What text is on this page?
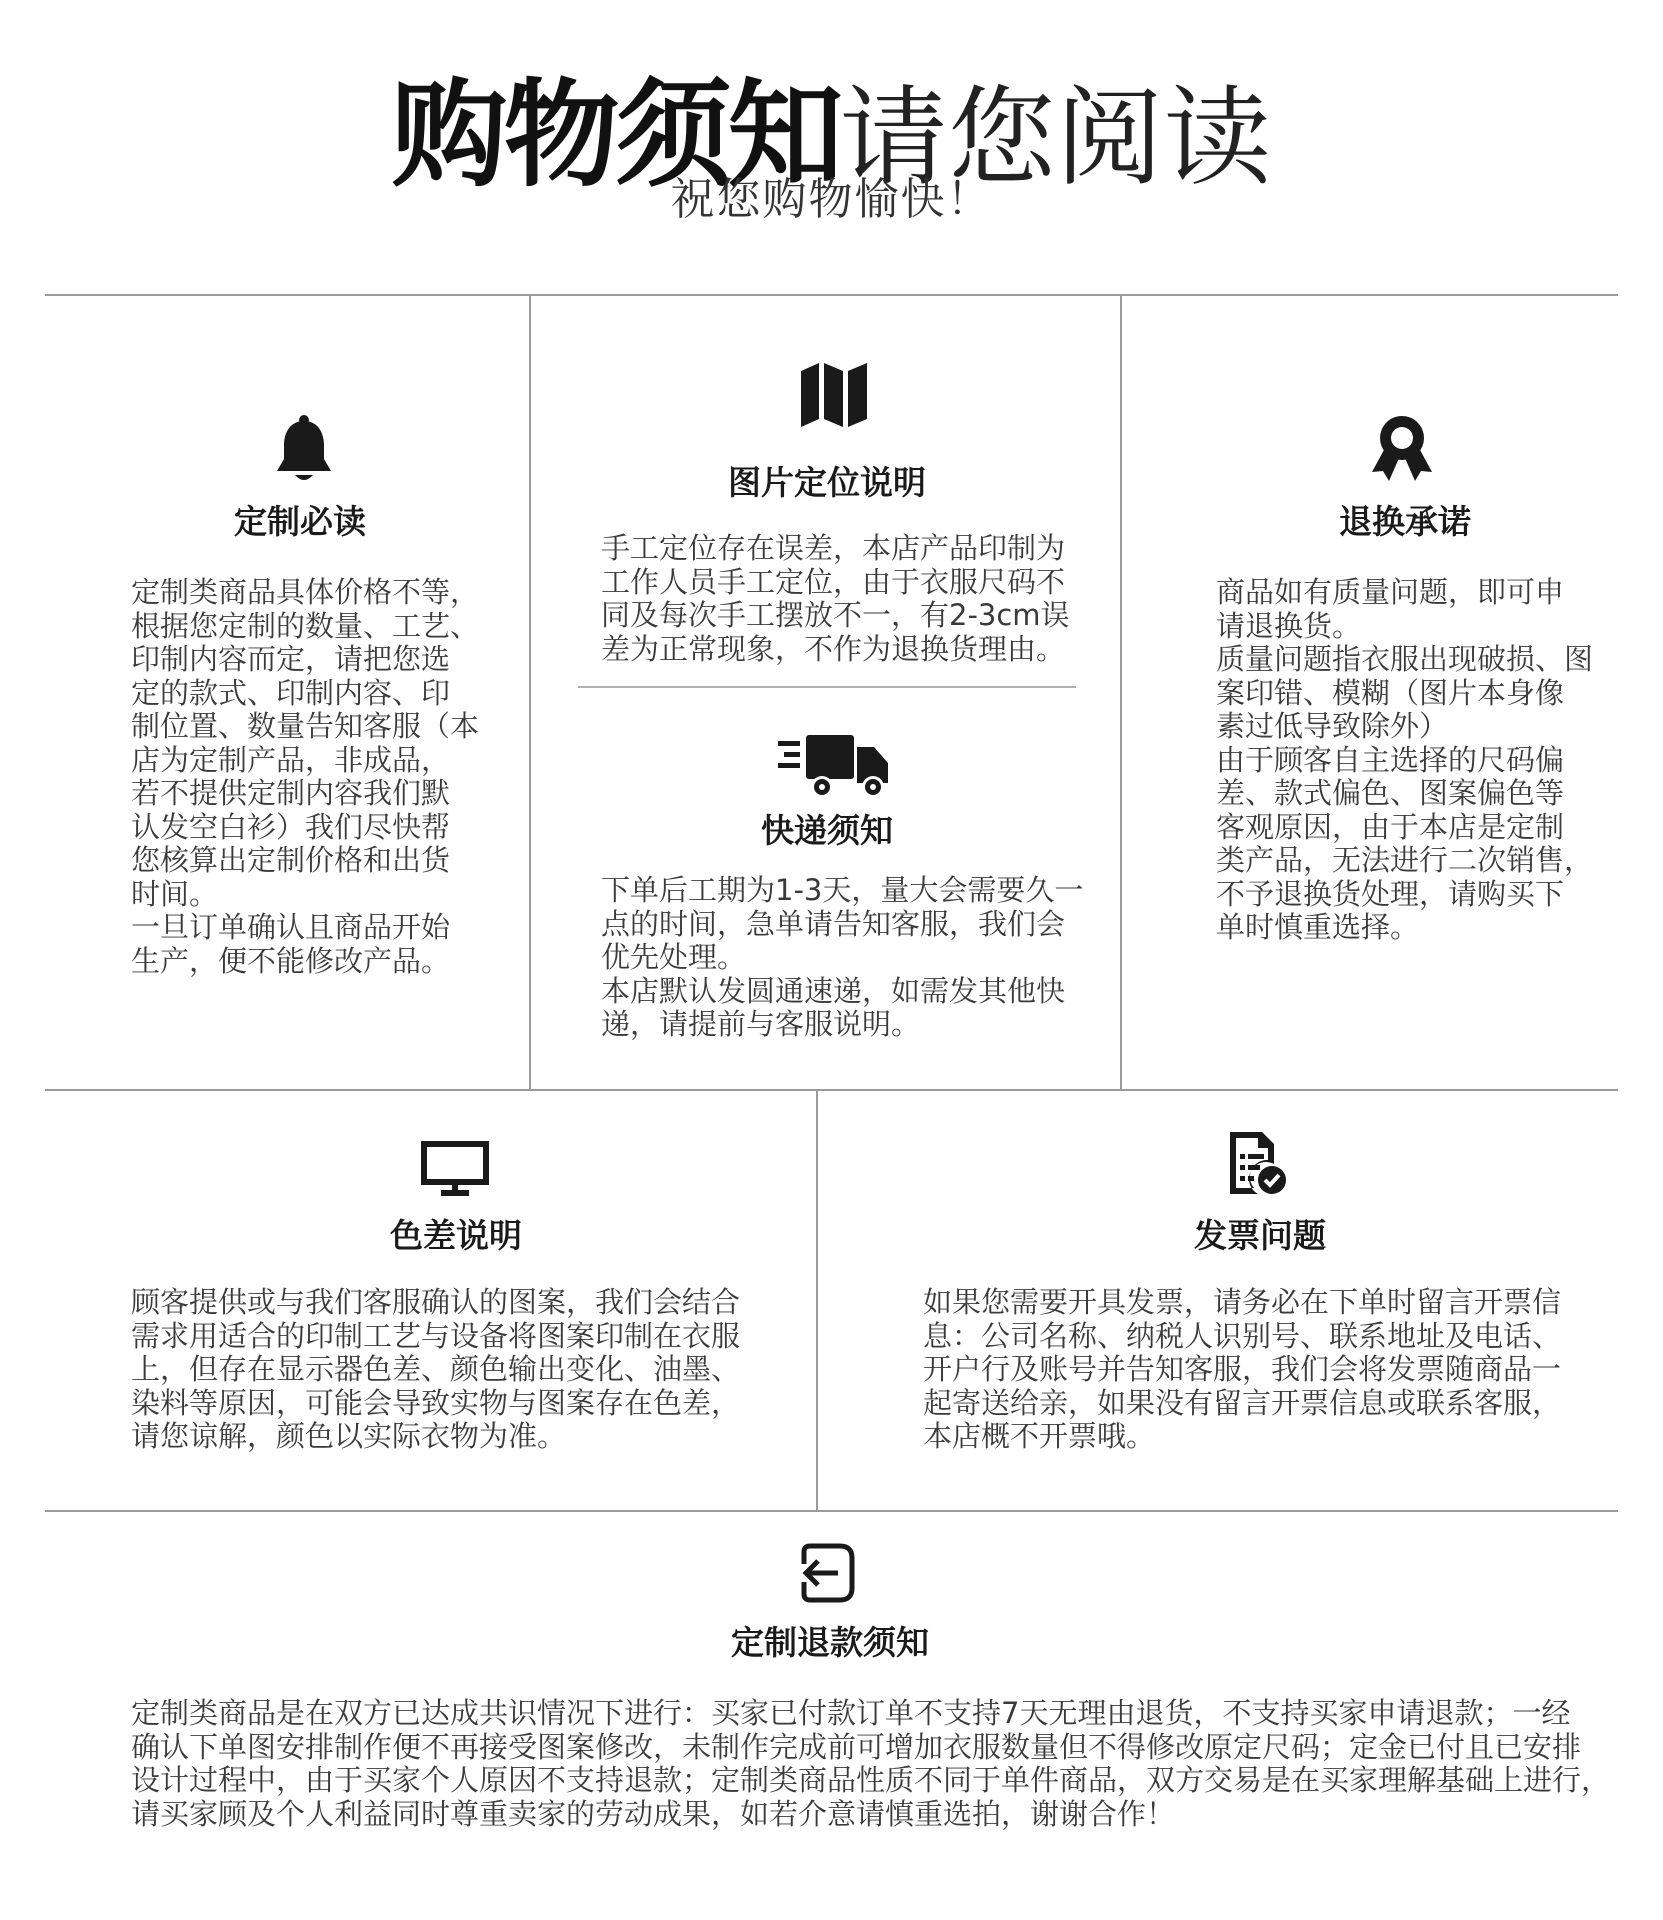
购物须知请您阅读
祝您购物愉快！
定制必读

定制类商品具体价格不等，

根据您定制的数量、工艺、

印制内容而定，请把您选

定的款式、印制内容、印

制位置、数量告知客服（本

店为定制产品，非成品，

若不提供定制内容我们默

认发空白衫）我们尽快帮

您核算出定制价格和出货

时间。

一旦订单确认且商品开始

生产，便不能修改产品。

图片定位说明

手工定位存在误差，本店产品印制为

工作人员手工定位，由于衣服尺码不

同及每次手工摆放不一，有2-3cm误

差为正常现象，不作为退换货理由。

快递须知

下单后工期为1-3天，量大会需要久一

点的时间，急单请告知客服，我们会

优先处理。

本店默认发圆通速递，如需发其他快

递，请提前与客服说明。

退换承诺

商品如有质量问题，即可申

请退换货。

质量问题指衣服出现破损、图

案印错、模糊（图片本身像

素过低导致除外）

由于顾客自主选择的尺码偏

差、款式偏色、图案偏色等

客观原因，由于本店是定制

类产品，无法进行二次销售，

不予退换货处理，请购买下

单时慎重选择。

色差说明

顾客提供或与我们客服确认的图案，我们会结合

需求用适合的印制工艺与设备将图案印制在衣服

上，但存在显示器色差、颜色输出变化、油墨、

染料等原因，可能会导致实物与图案存在色差，

请您谅解，颜色以实际衣物为准。

发票问题

如果您需要开具发票，请务必在下单时留言开票信

息：公司名称、纳税人识别号、联系地址及电话、

开户行及账号并告知客服，我们会将发票随商品一

起寄送给亲，如果没有留言开票信息或联系客服，

本店概不开票哦。

定制退款须知

定制类商品是在双方已达成共识情况下进行：买家已付款订单不支持7天无理由退货，不支持买家申请退款；一经

确认下单图安排制作便不再接受图案修改，未制作完成前可增加衣服数量但不得修改原定尺码；定金已付且已安排

设计过程中，由于买家个人原因不支持退款；定制类商品性质不同于单件商品，双方交易是在买家理解基础上进行，

请买家顾及个人利益同时尊重卖家的劳动成果，如若介意请慎重选拍，谢谢合作！
